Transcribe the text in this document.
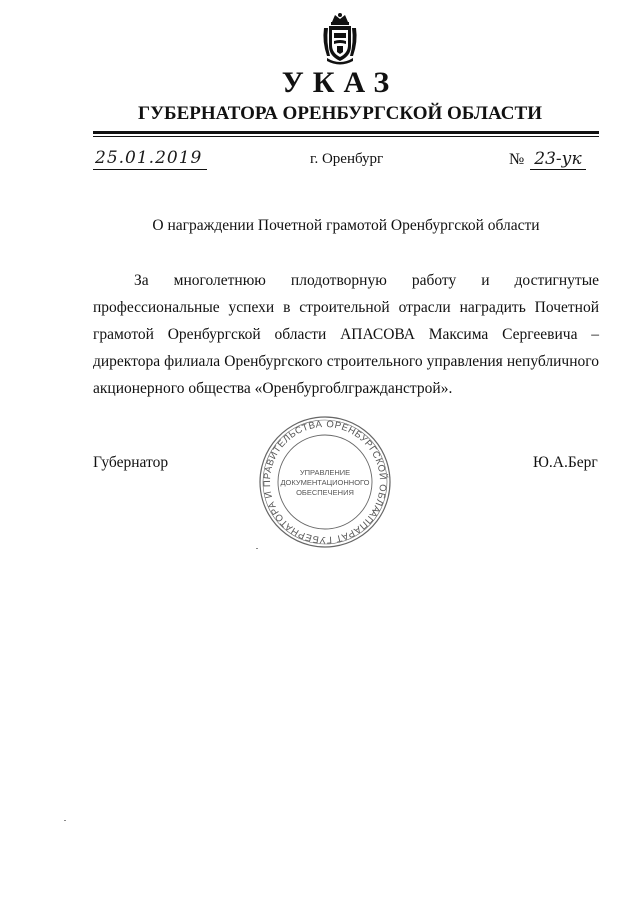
УКАЗ
ГУБЕРНАТОРА ОРЕНБУРГСКОЙ ОБЛАСТИ
25.01.2019	г. Оренбург	№ 23-ук
О награждении Почетной грамотой Оренбургской области

За многолетнюю плодотворную работу и достигнутые профессиональные успехи в строительной отрасли наградить Почетной грамотой Оренбургской области АПАСОВА Максима Сергеевича – директора филиала Оренбургского строительного управления непубличного акционерного общества «Оренбургоблгражданстрой».

Губернатор	Ю.А.Берг
АППАРАТ ГУБЕРНАТОРА И ПРАВИТЕЛЬСТВА ОРЕНБУРГСКОЙ ОБЛАСТИ
УПРАВЛЕНИЕ
ДОКУМЕНТАЦИОННОГО
ОБЕСПЕЧЕНИЯ
